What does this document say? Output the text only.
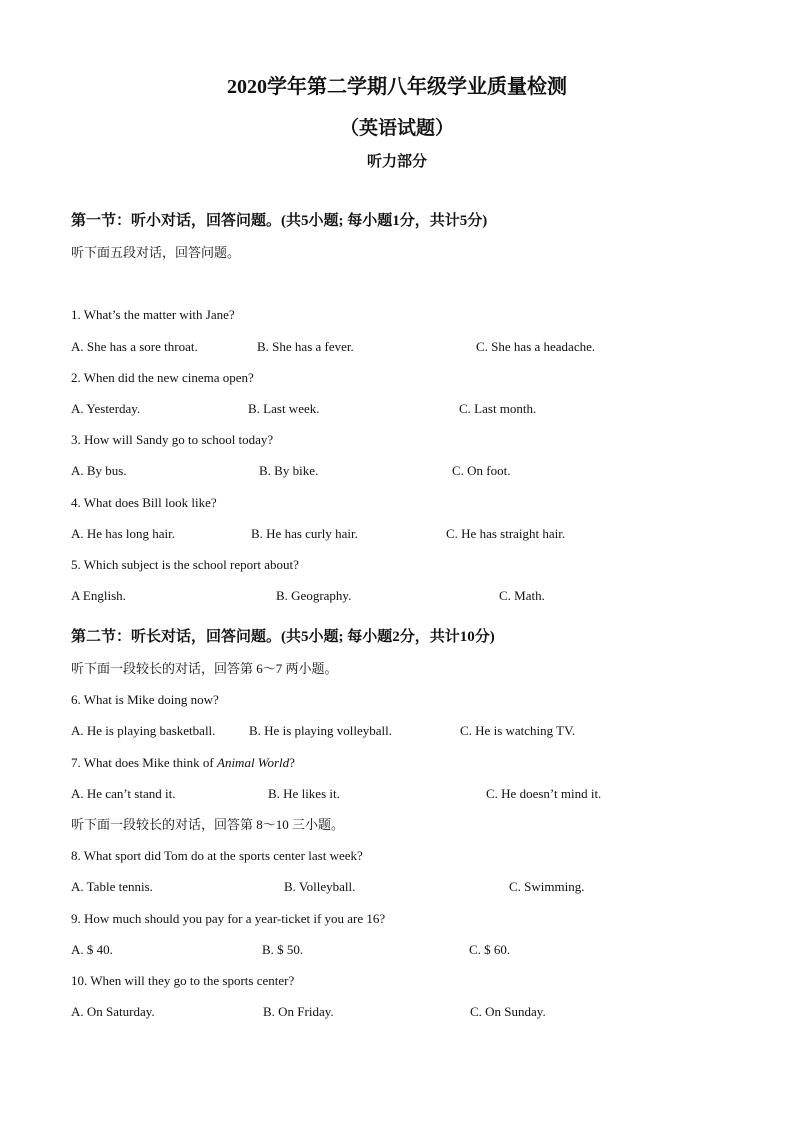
2020学年第二学期八年级学业质量检测
（英语试题）
听力部分
第一节：听小对话，回答问题。(共5小题; 每小题1分，共计5分)
听下面五段对话，回答问题。
1. What’s the matter with Jane?
A. She has a sore throat.	B. She has a fever.	C. She has a headache.
2. When did the new cinema open?
A. Yesterday.	B. Last week.	C. Last month.
3. How will Sandy go to school today?
A. By bus.	B. By bike.	C. On foot.
4. What does Bill look like?
A. He has long hair.	B. He has curly hair.	C. He has straight hair.
5. Which subject is the school report about?
A English.	B. Geography.	C. Math.
第二节：听长对话，回答问题。(共5小题; 每小题2分，共计10分)
听下面一段较长的对话，回答第 6～7 两小题。
6. What is Mike doing now?
A. He is playing basketball.	B. He is playing volleyball.	C. He is watching TV.
7. What does Mike think of Animal World?
A. He can’t stand it.	B. He likes it.	C. He doesn’t mind it.
听下面一段较长的对话，回答第 8～10 三小题。
8. What sport did Tom do at the sports center last week?
A. Table tennis.	B. Volleyball.	C. Swimming.
9. How much should you pay for a year-ticket if you are 16?
A. $ 40.	B. $ 50.	C. $ 60.
10. When will they go to the sports center?
A. On Saturday.	B. On Friday.	C. On Sunday.
